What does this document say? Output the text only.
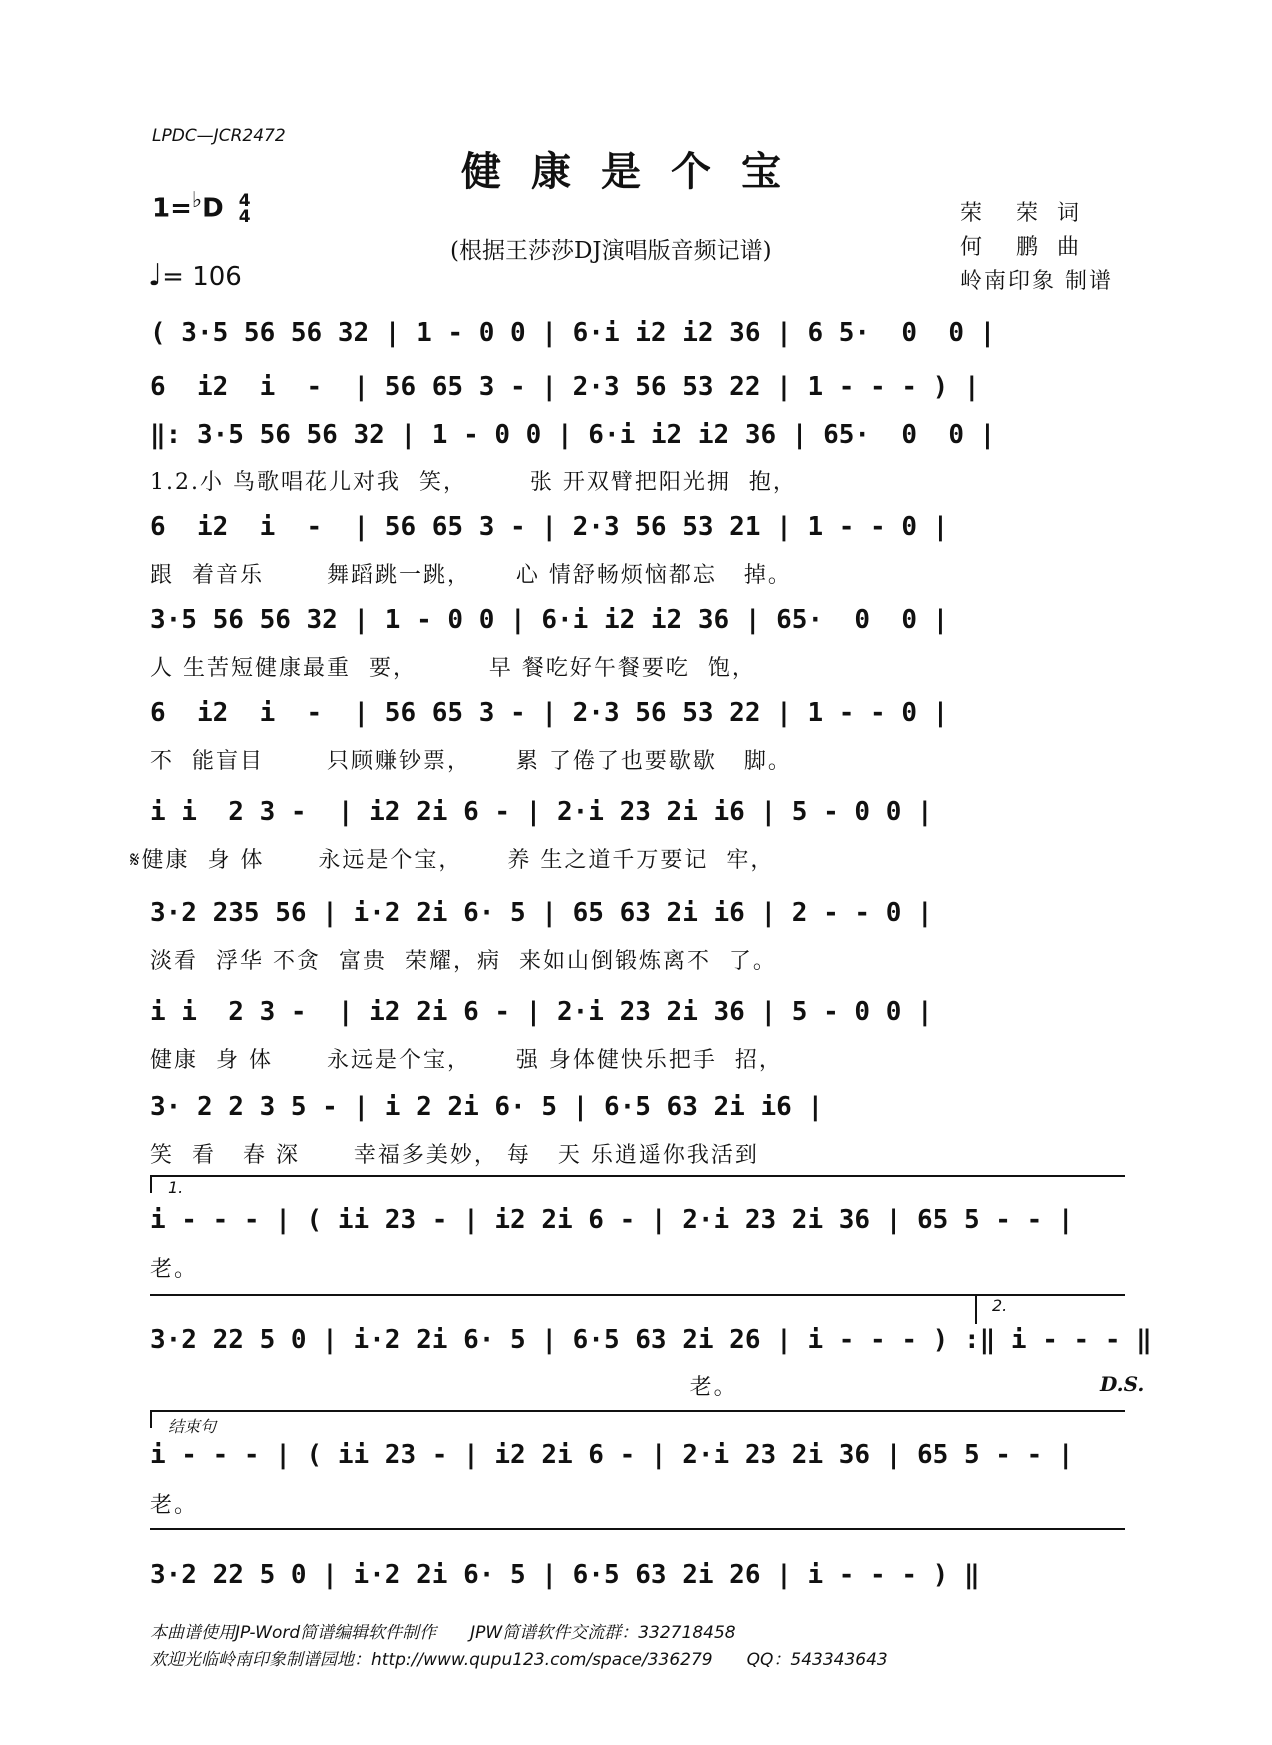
LPDC—JCR2472
健康是个宝
1=♭D 4
4
♩= 106
(根据王莎莎DJ演唱版音频记谱)
荣　荣 词
何　鹏 曲
岭南印象 制谱
( 3·5 56 56 32 | 1 - 0 0 | 6·i i2 i2 36 | 6 5·  0  0 |
6  i2  i  -  | 56 65 3 - | 2·3 56 53 22 | 1 - - - ) |
‖: 3·5 56 56 32 | 1 - 0 0 | 6·i i2 i2 36 | 65·  0  0 |
1.2.小 鸟歌唱花儿对我  笑，       张 开双臂把阳光拥  抱，
6  i2  i  -  | 56 65 3 - | 2·3 56 53 21 | 1 - - 0 |
跟  着音乐       舞蹈跳一跳，     心 情舒畅烦恼都忘   掉。
3·5 56 56 32 | 1 - 0 0 | 6·i i2 i2 36 | 65·  0  0 |
人 生苦短健康最重  要，        早 餐吃好午餐要吃  饱，
6  i2  i  -  | 56 65 3 - | 2·3 56 53 22 | 1 - - 0 |
不  能盲目       只顾赚钞票，     累 了倦了也要歇歇   脚。
i i  2 3 -  | i2 2i 6 - | 2·i 23 2i i6 | 5 - 0 0 |
𝄋健康  身 体      永远是个宝，     养 生之道千万要记  牢，
3·2 235 56 | i·2 2i 6· 5 | 65 63 2i i6 | 2 - - 0 |
淡看  浮华 不贪  富贵  荣耀，病  来如山倒锻炼离不  了。
i i  2 3 -  | i2 2i 6 - | 2·i 23 2i 36 | 5 - 0 0 |
健康  身 体      永远是个宝，     强 身体健快乐把手  招，
3· 2 2 3 5 - | i 2 2i 6· 5 | 6·5 63 2i i6 |
笑  看   春 深      幸福多美妙， 每   天 乐逍遥你我活到
1.
i - - - | ( ii 23 - | i2 2i 6 - | 2·i 23 2i 36 | 65 5 - - |
老。
2.
3·2 22 5 0 | i·2 2i 6· 5 | 6·5 63 2i 26 | i - - - ) :‖ i - - - ‖
老。	D.S.
结束句
i - - - | ( ii 23 - | i2 2i 6 - | 2·i 23 2i 36 | 65 5 - - |
老。
3·2 22 5 0 | i·2 2i 6· 5 | 6·5 63 2i 26 | i - - - ) ‖
本曲谱使用JP-Word简谱编辑软件制作　　JPW简谱软件交流群：332718458
欢迎光临岭南印象制谱园地：http://www.qupu123.com/space/336279　　QQ：543343643
